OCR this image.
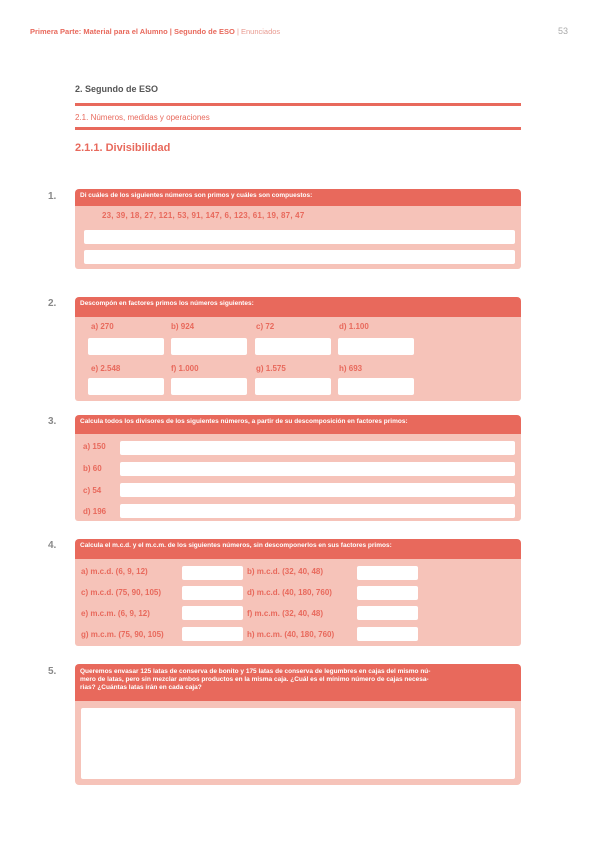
Primera Parte: Material para el Alumno | Segundo de ESO | Enunciados	53
2. Segundo de ESO
2.1. Números, medidas y operaciones
2.1.1. Divisibilidad
1.	Di cuáles de los siguientes números son primos y cuáles son compuestos:
23, 39, 18, 27, 121, 53, 91, 147, 6, 123, 61, 19, 87, 47
2.	Descompón en factores primos los números siguientes:
a) 270	b) 924	c) 72	d) 1.100
e) 2.548	f) 1.000	g) 1.575	h) 693
3.	Calcula todos los divisores de los siguientes números, a partir de su descomposición en factores primos:
a) 150
b) 60
c) 54
d) 196
4.	Calcula el m.c.d. y el m.c.m. de los siguientes números, sin descomponerlos en sus factores primos:
a) m.c.d. (6, 9, 12)	b) m.c.d. (32, 40, 48)
c) m.c.d. (75, 90, 105)	d) m.c.d. (40, 180, 760)
e) m.c.m. (6, 9, 12)	f) m.c.m. (32, 40, 48)
g) m.c.m. (75, 90, 105)	h) m.c.m. (40, 180, 760)
5.	Queremos envasar 125 latas de conserva de bonito y 175 latas de conserva de legumbres en cajas del mismo nú-
mero de latas, pero sin mezclar ambos productos en la misma caja. ¿Cuál es el mínimo número de cajas necesa-
rias? ¿Cuántas latas irán en cada caja?
